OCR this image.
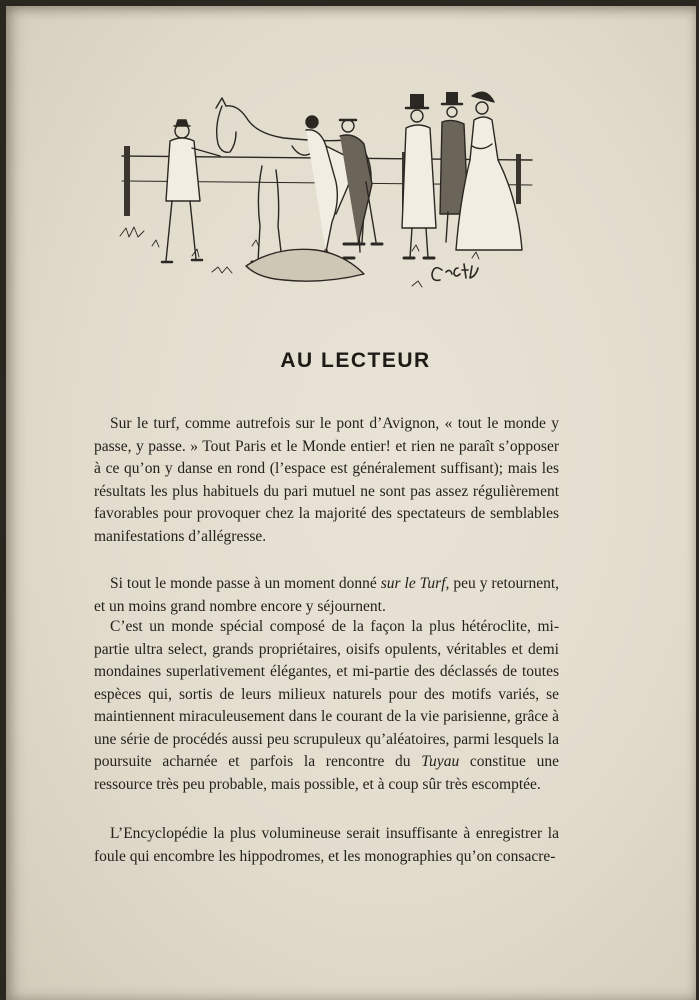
AU LECTEUR

Sur le turf, comme autrefois sur le pont d’Avignon, « tout le monde y passe, y passe. » Tout Paris et le Monde entier! et rien ne paraît s’opposer à ce qu’on y danse en rond (l’espace est généralement suffisant); mais les résultats les plus habituels du pari mutuel ne sont pas assez régulièrement favorables pour provoquer chez la majorité des spectateurs de semblables manifestations d’allégresse.

Si tout le monde passe à un moment donné sur le Turf, peu y retournent, et un moins grand nombre encore y séjournent.

C’est un monde spécial composé de la façon la plus hétéroclite, mi-partie ultra select, grands propriétaires, oisifs opulents, véritables et demi mondaines superlativement élégantes, et mi-partie des déclassés de toutes espèces qui, sortis de leurs milieux naturels pour des motifs variés, se maintiennent miraculeusement dans le courant de la vie parisienne, grâce à une série de procédés aussi peu scrupuleux qu’aléatoires, parmi lesquels la poursuite acharnée et parfois la rencontre du Tuyau constitue une ressource très peu probable, mais possible, et à coup sûr très escomptée.

L’Encyclopédie la plus volumineuse serait insuffisante à enregistrer la foule qui encombre les hippodromes, et les monographies qu’on consacre-
